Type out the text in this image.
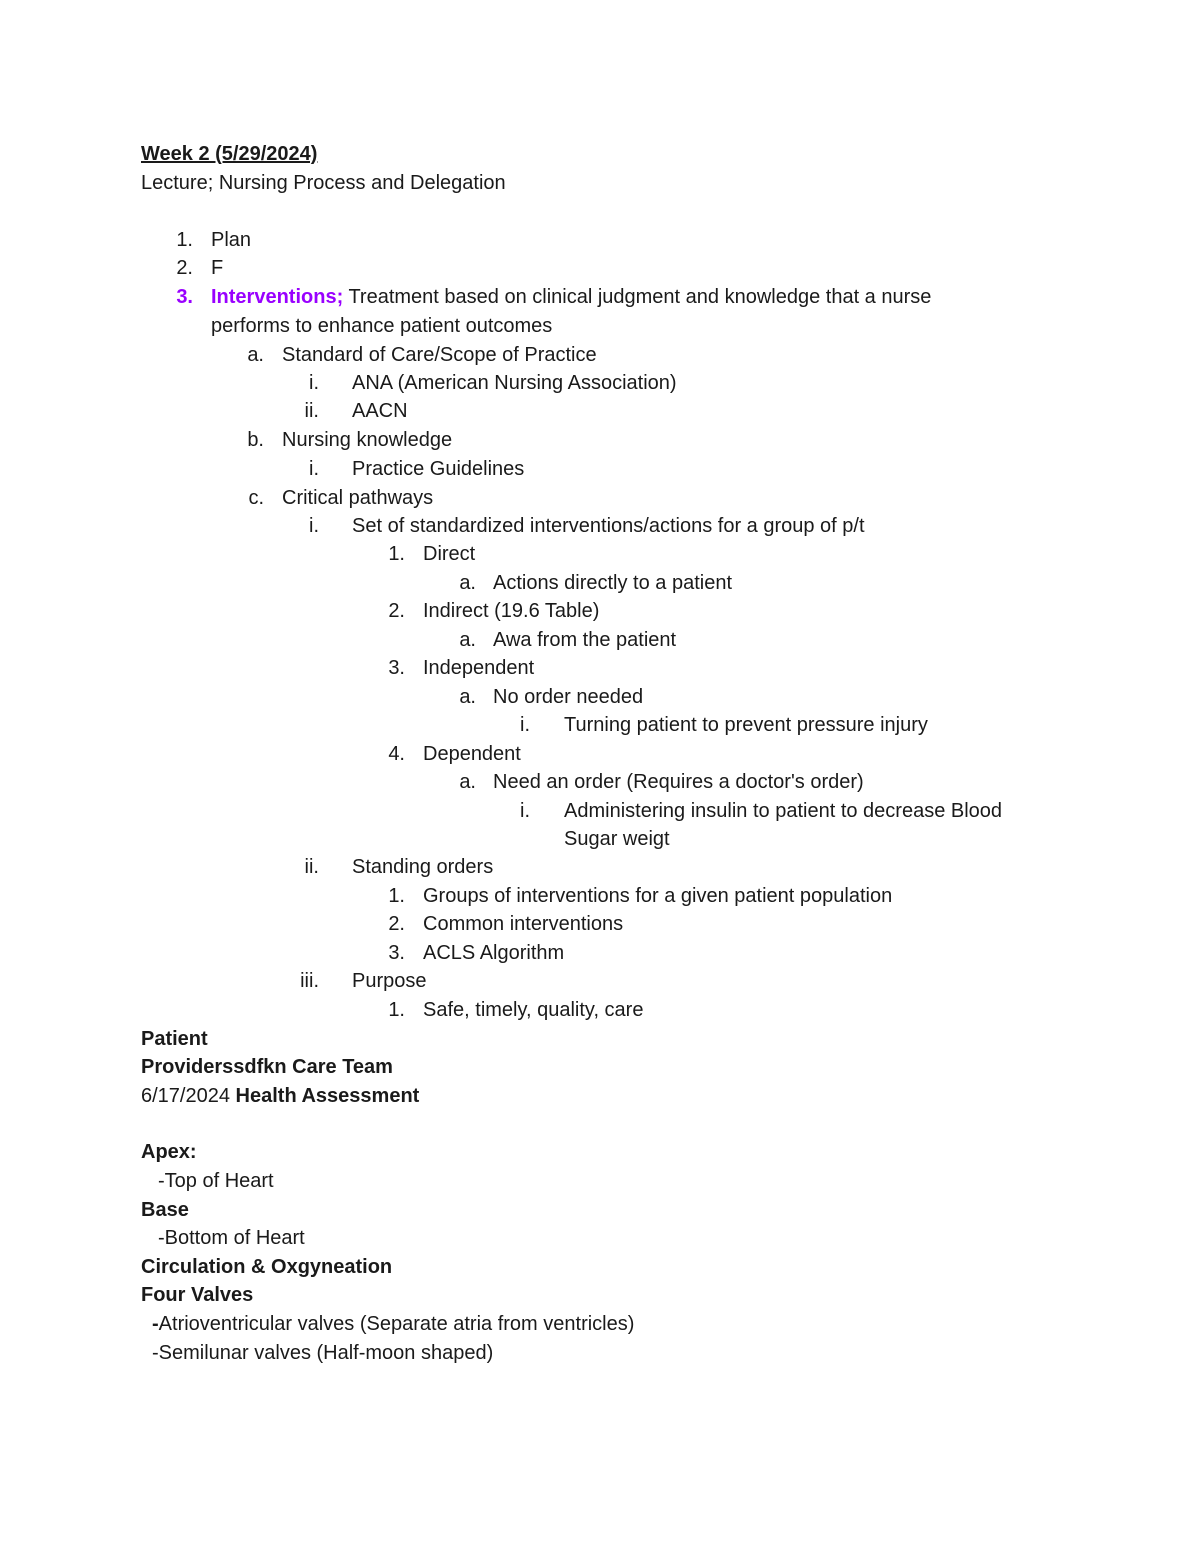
Week 2 (5/29/2024)
Lecture; Nursing Process and Delegation
1. Plan
2. F
3. Interventions; Treatment based on clinical judgment and knowledge that a nurse
performs to enhance patient outcomes
a. Standard of Care/Scope of Practice
i. ANA (American Nursing Association)
ii. AACN
b. Nursing knowledge
i. Practice Guidelines
c. Critical pathways
i. Set of standardized interventions/actions for a group of p/t
1. Direct
a. Actions directly to a patient
2. Indirect (19.6 Table)
a. Awa from the patient
3. Independent
a. No order needed
i. Turning patient to prevent pressure injury
4. Dependent
a. Need an order (Requires a doctor's order)
i. Administering insulin to patient to decrease Blood
Sugar weigt
ii. Standing orders
1. Groups of interventions for a given patient population
2. Common interventions
3. ACLS Algorithm
iii. Purpose
1. Safe, timely, quality, care
Patient
Providerssdfkn Care Team
6/17/2024 Health Assessment
Apex:
-Top of Heart
Base
-Bottom of Heart
Circulation & Oxgyneation
Four Valves
-Atrioventricular valves (Separate atria from ventricles)
-Semilunar valves (Half-moon shaped)
